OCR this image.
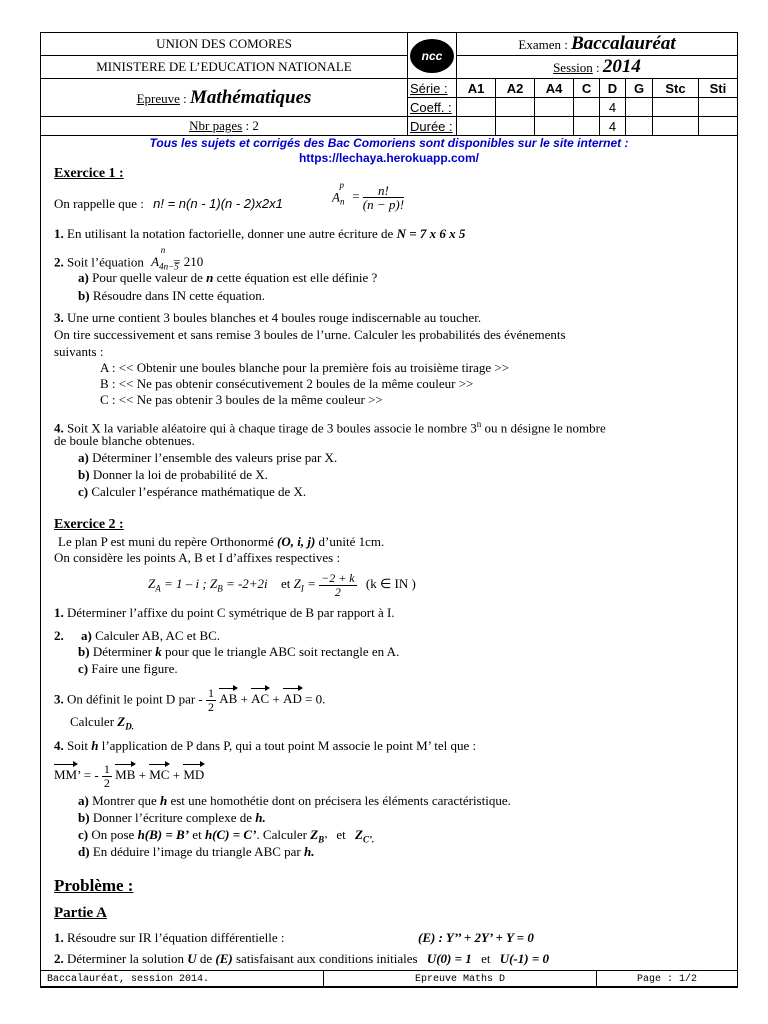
UNION DES COMORES	ncc	Examen : Baccalauréat							
MINISTERE DE L’EDUCATION NATIONALE		Session : 2014							
Epreuve : Mathématiques	Série :	A1	A2	A4	C	D	G	Stc	Sti
	Coeff. :					4			
Nbr pages : 2	Durée :					4			
Tous les sujets et corrigés des Bac Comoriens sont disponibles sur le site internet :
https://lechaya.herokuapp.com/
Exercice 1 :
On rappelle que : n! = n(n - 1)(n - 2)x2x1	$A_n^p = \frac{n!}{(n - p)!}$
1. En utilisant la notation factorielle, donner une autre écriture de N = 7 x 6 x 5
2. Soit l’équation $A_{4n-5}^n= 210$
a) Pour quelle valeur de n cette équation est elle définie ?
b) Résoudre dans IN cette équation.
3. Une urne contient 3 boules blanches et 4 boules rouge indiscernable au toucher.
On tire successivement et sans remise 3 boules de l’urne. Calculer les probabilités des événements
suivants :
A : << Obtenir une boules blanche pour la première fois au troisième tirage >>
B : << Ne pas obtenir consécutivement 2 boules de la même couleur >>
C : << Ne pas obtenir 3 boules de la même couleur >>
4. Soit X la variable aléatoire qui à chaque tirage de 3 boules associe le nombre 3$^n$ ou n désigne le nombre
de boule blanche obtenues.
a) Déterminer l’ensemble des valeurs prise par X.
b) Donner la loi de probabilité de X.
c) Calculer l’espérance mathématique de X.
Exercice 2 :
Le plan P est muni du repère Orthonormé (O, i, j) d’unité 1cm.
On considère les points A, B et I d’affixes respectives :
$Z_A = 1 - i$ ; $Z_B = -2+2i$ et $Z_I = \frac{-2 + k}{2} (k$ ∈ IN )
1. Déterminer l’affixe du point C symétrique de B par rapport à I.
2. a) Calculer AB, AC et BC.
b) Déterminer k pour que le triangle ABC soit rectangle en A.
c) Faire une figure.
3. On définit le point D par - $\frac{1}{2}$ AB + AC + AD = 0.
Calculer $Z_{D.}$
4. Soit h l’application de P dans P, qui a tout point M associe le point M’ tel que :
MM’ = - $\frac{1}{2}$ MB + MC + MD
a) Montrer que h est une homothétie dont on précisera les éléments caractéristique.
b) Donner l’écriture complexe de h.
c) On pose h(B) = B’ et h(C) = C’. Calculer $Z_{B’}$ et $Z_{C’.}$
d) En déduire l’image du triangle ABC par h.
Problème :
Partie A
1. Résoudre sur IR l’équation différentielle :	(E) : Y’’ + 2Y’ + Y = 0
2. Déterminer la solution U de (E) satisfaisant aux conditions initiales U(0) = 1 et U(-1) = 0
Baccalauréat, session 2014.	Epreuve Maths D	Page : 1/2
